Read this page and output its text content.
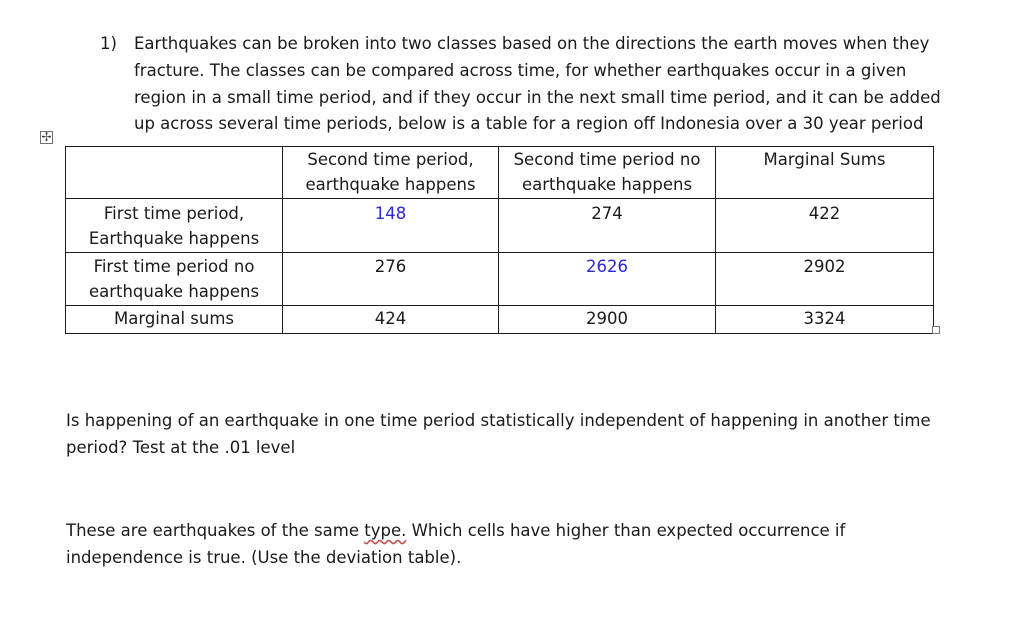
1) Earthquakes can be broken into two classes based on the directions the earth moves when they fracture. The classes can be compared across time, for whether earthquakes occur in a given region in a small time period, and if they occur in the next small time period, and it can be added up across several time periods, below is a table for a region off Indonesia over a 30 year period
✢
	Second time period, earthquake happens	Second time period no earthquake happens	Marginal Sums
First time period, Earthquake happens	148	274	422
First time period no earthquake happens	276	2626	2902
Marginal sums	424	2900	3324

Is happening of an earthquake in one time period statistically independent of happening in another time period? Test at the .01 level

These are earthquakes of the same type. Which cells have higher than expected occurrence if independence is true. (Use the deviation table).
